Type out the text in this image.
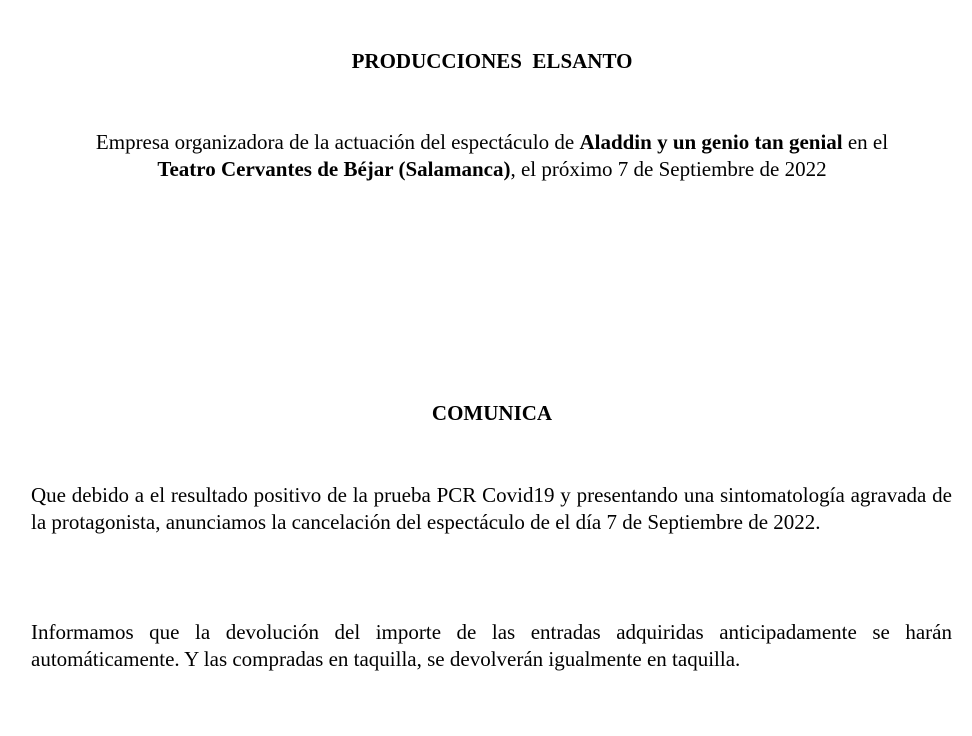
PRODUCCIONES  ELSANTO

Empresa organizadora de la actuación del espectáculo de Aladdin y un genio tan genial en el
Teatro Cervantes de Béjar (Salamanca), el próximo 7 de Septiembre de 2022

COMUNICA

Que debido a el resultado positivo de la prueba PCR Covid19 y presentando una sintomatología agravada de la protagonista, anunciamos la cancelación del espectáculo de el día 7 de Septiembre de 2022.

Informamos que la devolución del importe de las entradas adquiridas anticipadamente se harán automáticamente. Y las compradas en taquilla, se devolverán igualmente en taquilla.
